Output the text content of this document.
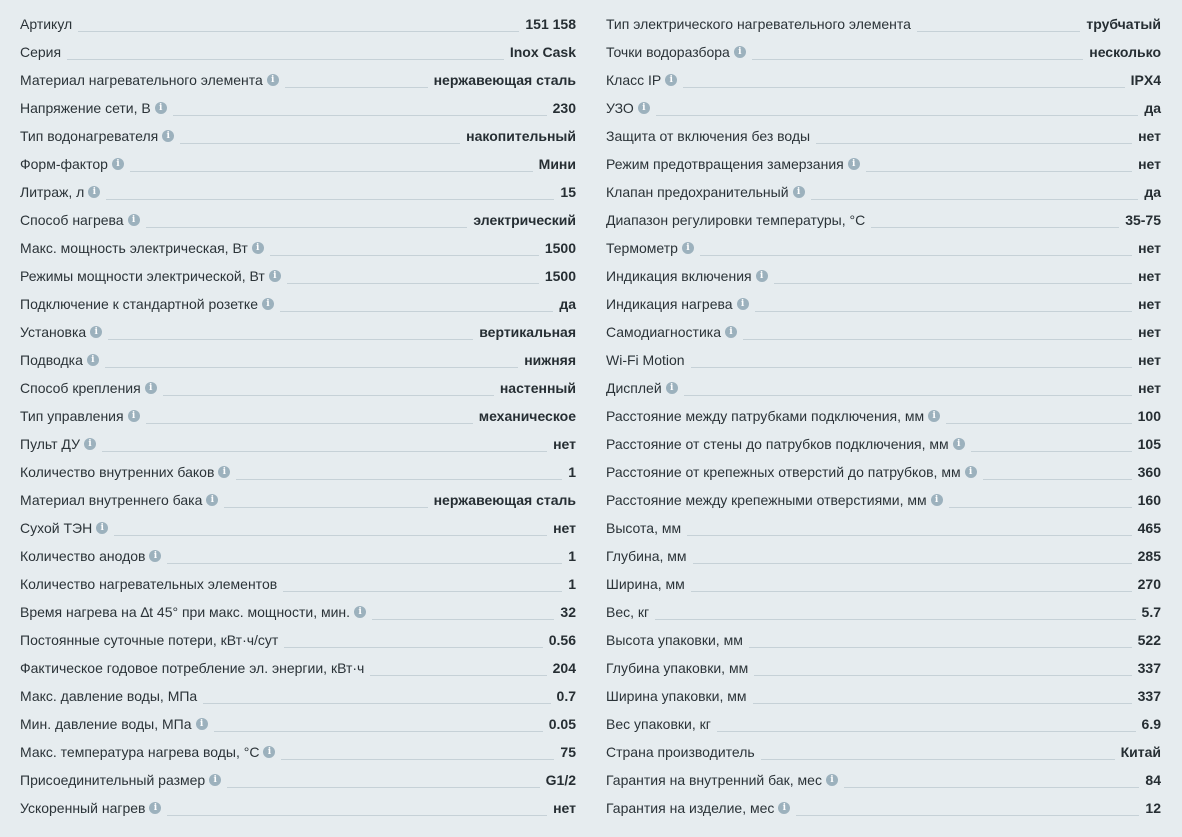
Артикул	151 158
Серия	Inox Cask
Материал нагревательного элемента i	нержавеющая сталь
Напряжение сети, В i	230
Тип водонагревателя i	накопительный
Форм-фактор i	Мини
Литраж, л i	15
Способ нагрева i	электрический
Макс. мощность электрическая, Вт i	1500
Режимы мощности электрической, Вт i	1500
Подключение к стандартной розетке i	да
Установка i	вертикальная
Подводка i	нижняя
Способ крепления i	настенный
Тип управления i	механическое
Пульт ДУ i	нет
Количество внутренних баков i	1
Материал внутреннего бака i	нержавеющая сталь
Сухой ТЭН i	нет
Количество анодов i	1
Количество нагревательных элементов	1
Время нагрева на ∆t 45° при макс. мощности, мин. i	32
Постоянные суточные потери, кВт·ч/сут	0.56
Фактическое годовое потребление эл. энергии, кВт·ч	204
Макс. давление воды, МПа	0.7
Мин. давление воды, МПа i	0.05
Макс. температура нагрева воды, °С i	75
Присоединительный размер i	G1/2
Ускоренный нагрев i	нет
Тип электрического нагревательного элемента	трубчатый
Точки водоразбора i	несколько
Класс IP i	IPX4
УЗО i	да
Защита от включения без воды	нет
Режим предотвращения замерзания i	нет
Клапан предохранительный i	да
Диапазон регулировки температуры, °С	35-75
Термометр i	нет
Индикация включения i	нет
Индикация нагрева i	нет
Самодиагностика i	нет
Wi-Fi Motion	нет
Дисплей i	нет
Расстояние между патрубками подключения, мм i	100
Расстояние от стены до патрубков подключения, мм i	105
Расстояние от крепежных отверстий до патрубков, мм i	360
Расстояние между крепежными отверстиями, мм i	160
Высота, мм	465
Глубина, мм	285
Ширина, мм	270
Вес, кг	5.7
Высота упаковки, мм	522
Глубина упаковки, мм	337
Ширина упаковки, мм	337
Вес упаковки, кг	6.9
Страна производитель	Китай
Гарантия на внутренний бак, мес i	84
Гарантия на изделие, мес i	12
